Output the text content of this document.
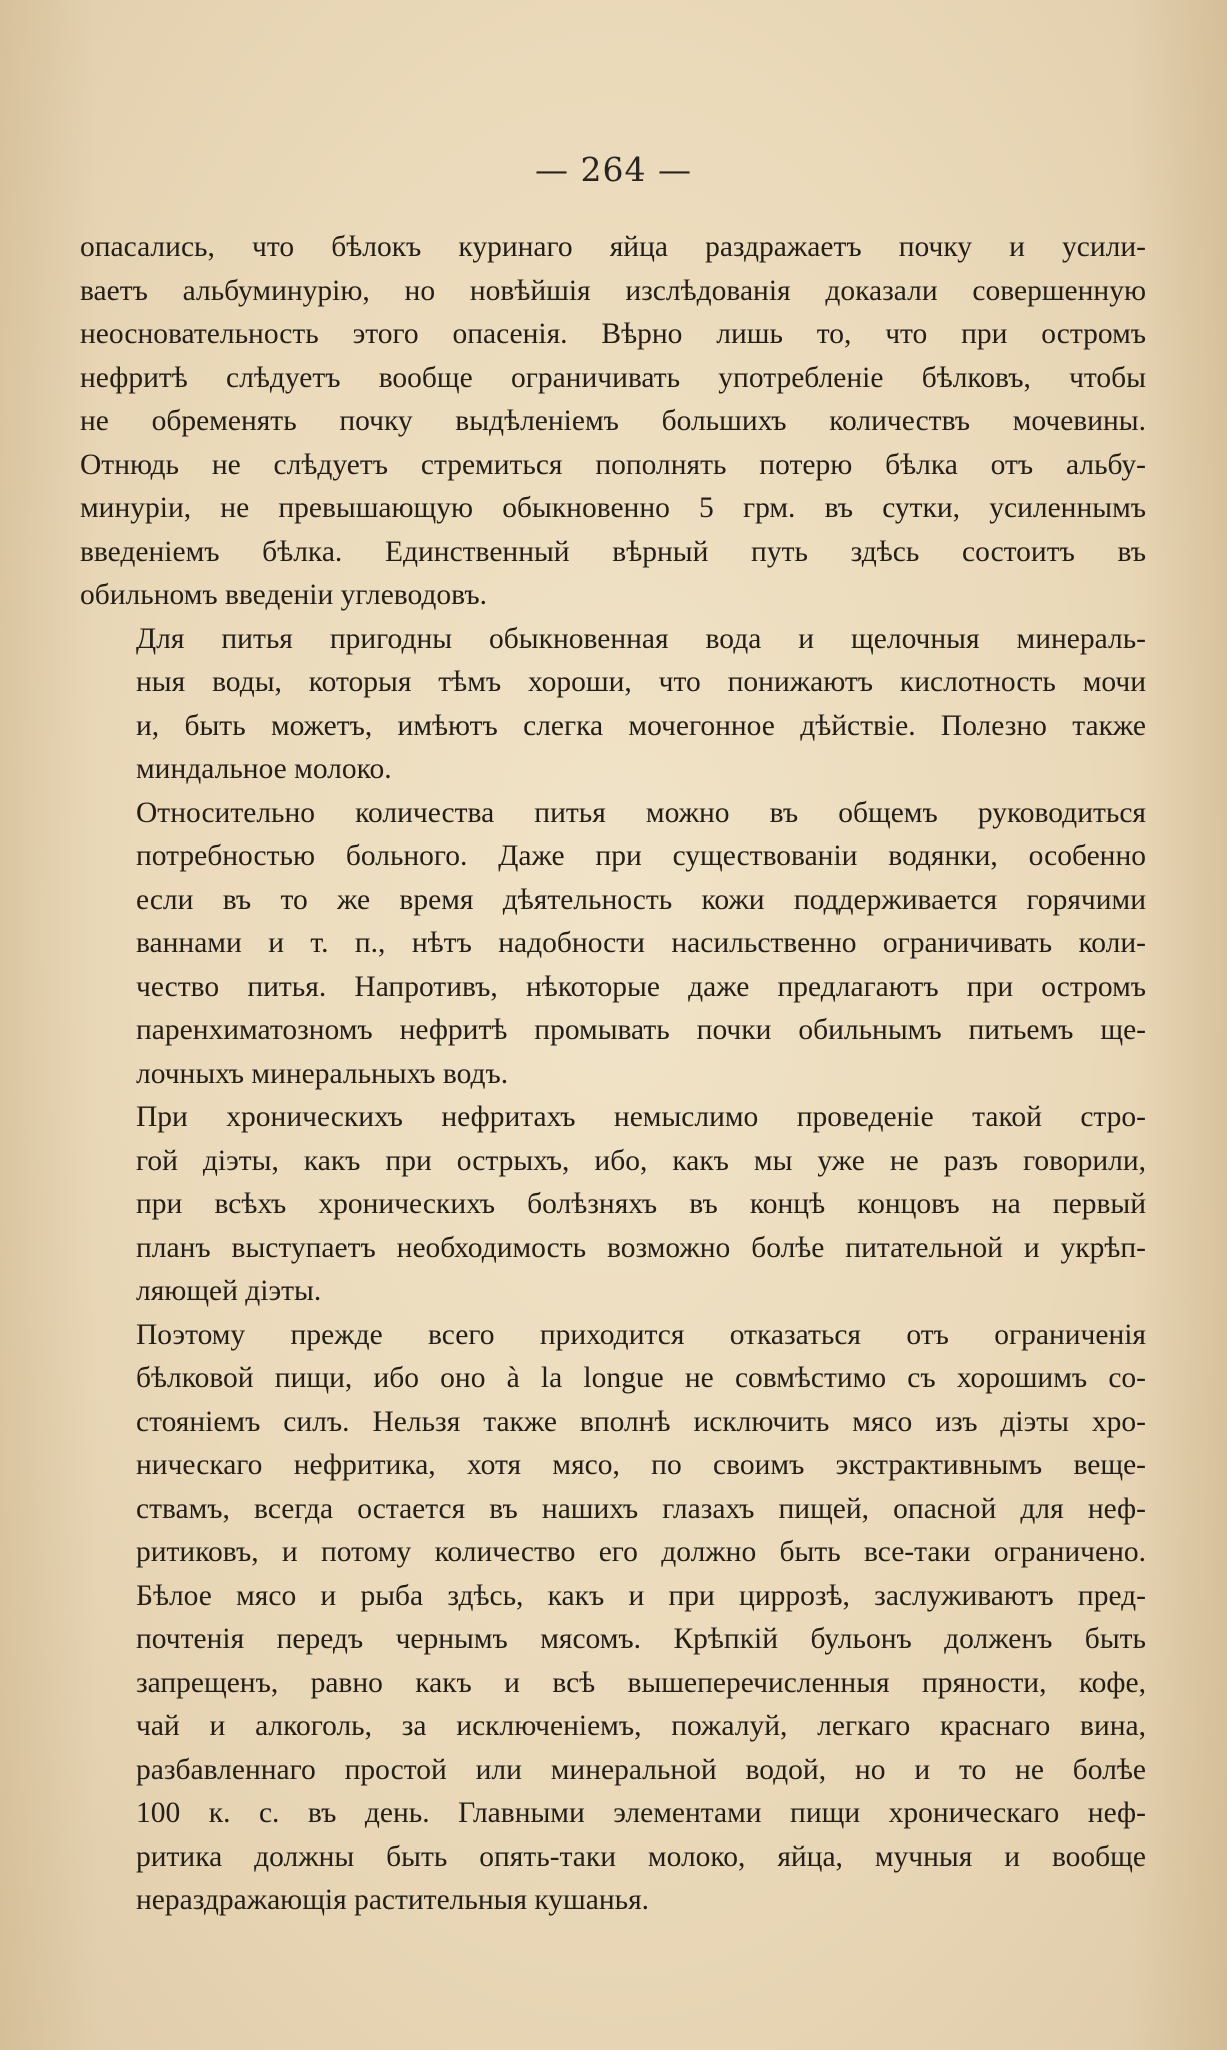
— 264 —
опасались, что бѣлокъ куринаго яйца раздражаетъ почку и усили-
ваетъ альбуминурію, но новѣйшія изслѣдованія доказали совершенную
неосновательность этого опасенія. Вѣрно лишь то, что при остромъ
нефритѣ слѣдуетъ вообще ограничивать употребленіе бѣлковъ, чтобы
не обременять почку выдѣленіемъ большихъ количествъ мочевины.
Отнюдь не слѣдуетъ стремиться пополнять потерю бѣлка отъ альбу-
минуріи, не превышающую обыкновенно 5 грм. въ сутки, усиленнымъ
введеніемъ бѣлка. Единственный вѣрный путь здѣсь состоитъ въ
обильномъ введеніи углеводовъ.
Для питья пригодны обыкновенная вода и щелочныя минераль-
ныя воды, которыя тѣмъ хороши, что понижаютъ кислотность мочи
и, быть можетъ, имѣютъ слегка мочегонное дѣйствіе. Полезно также
миндальное молоко.
Относительно количества питья можно въ общемъ руководиться
потребностью больного. Даже при существованіи водянки, особенно
если въ то же время дѣятельность кожи поддерживается горячими
ваннами и т. п., нѣтъ надобности насильственно ограничивать коли-
чество питья. Напротивъ, нѣкоторые даже предлагаютъ при остромъ
паренхиматозномъ нефритѣ промывать почки обильнымъ питьемъ ще-
лочныхъ минеральныхъ водъ.
При хроническихъ нефритахъ немыслимо проведеніе такой стро-
гой діэты, какъ при острыхъ, ибо, какъ мы уже не разъ говорили,
при всѣхъ хроническихъ болѣзняхъ въ концѣ концовъ на первый
планъ выступаетъ необходимость возможно болѣе питательной и укрѣп-
ляющей діэты.
Поэтому прежде всего приходится отказаться отъ ограниченія
бѣлковой пищи, ибо оно à la longue не совмѣстимо съ хорошимъ со-
стояніемъ силъ. Нельзя также вполнѣ исключить мясо изъ діэты хро-
ническаго нефритика, хотя мясо, по своимъ экстрактивнымъ веще-
ствамъ, всегда остается въ нашихъ глазахъ пищей, опасной для неф-
ритиковъ, и потому количество его должно быть все-таки ограничено.
Бѣлое мясо и рыба здѣсь, какъ и при циррозѣ, заслуживаютъ пред-
почтенія передъ чернымъ мясомъ. Крѣпкій бульонъ долженъ быть
запрещенъ, равно какъ и всѣ вышеперечисленныя пряности, кофе,
чай и алкоголь, за исключеніемъ, пожалуй, легкаго краснаго вина,
разбавленнаго простой или минеральной водой, но и то не болѣе
100 к. с. въ день. Главными элементами пищи хроническаго неф-
ритика должны быть опять-таки молоко, яйца, мучныя и вообще
нераздражающія растительныя кушанья.
